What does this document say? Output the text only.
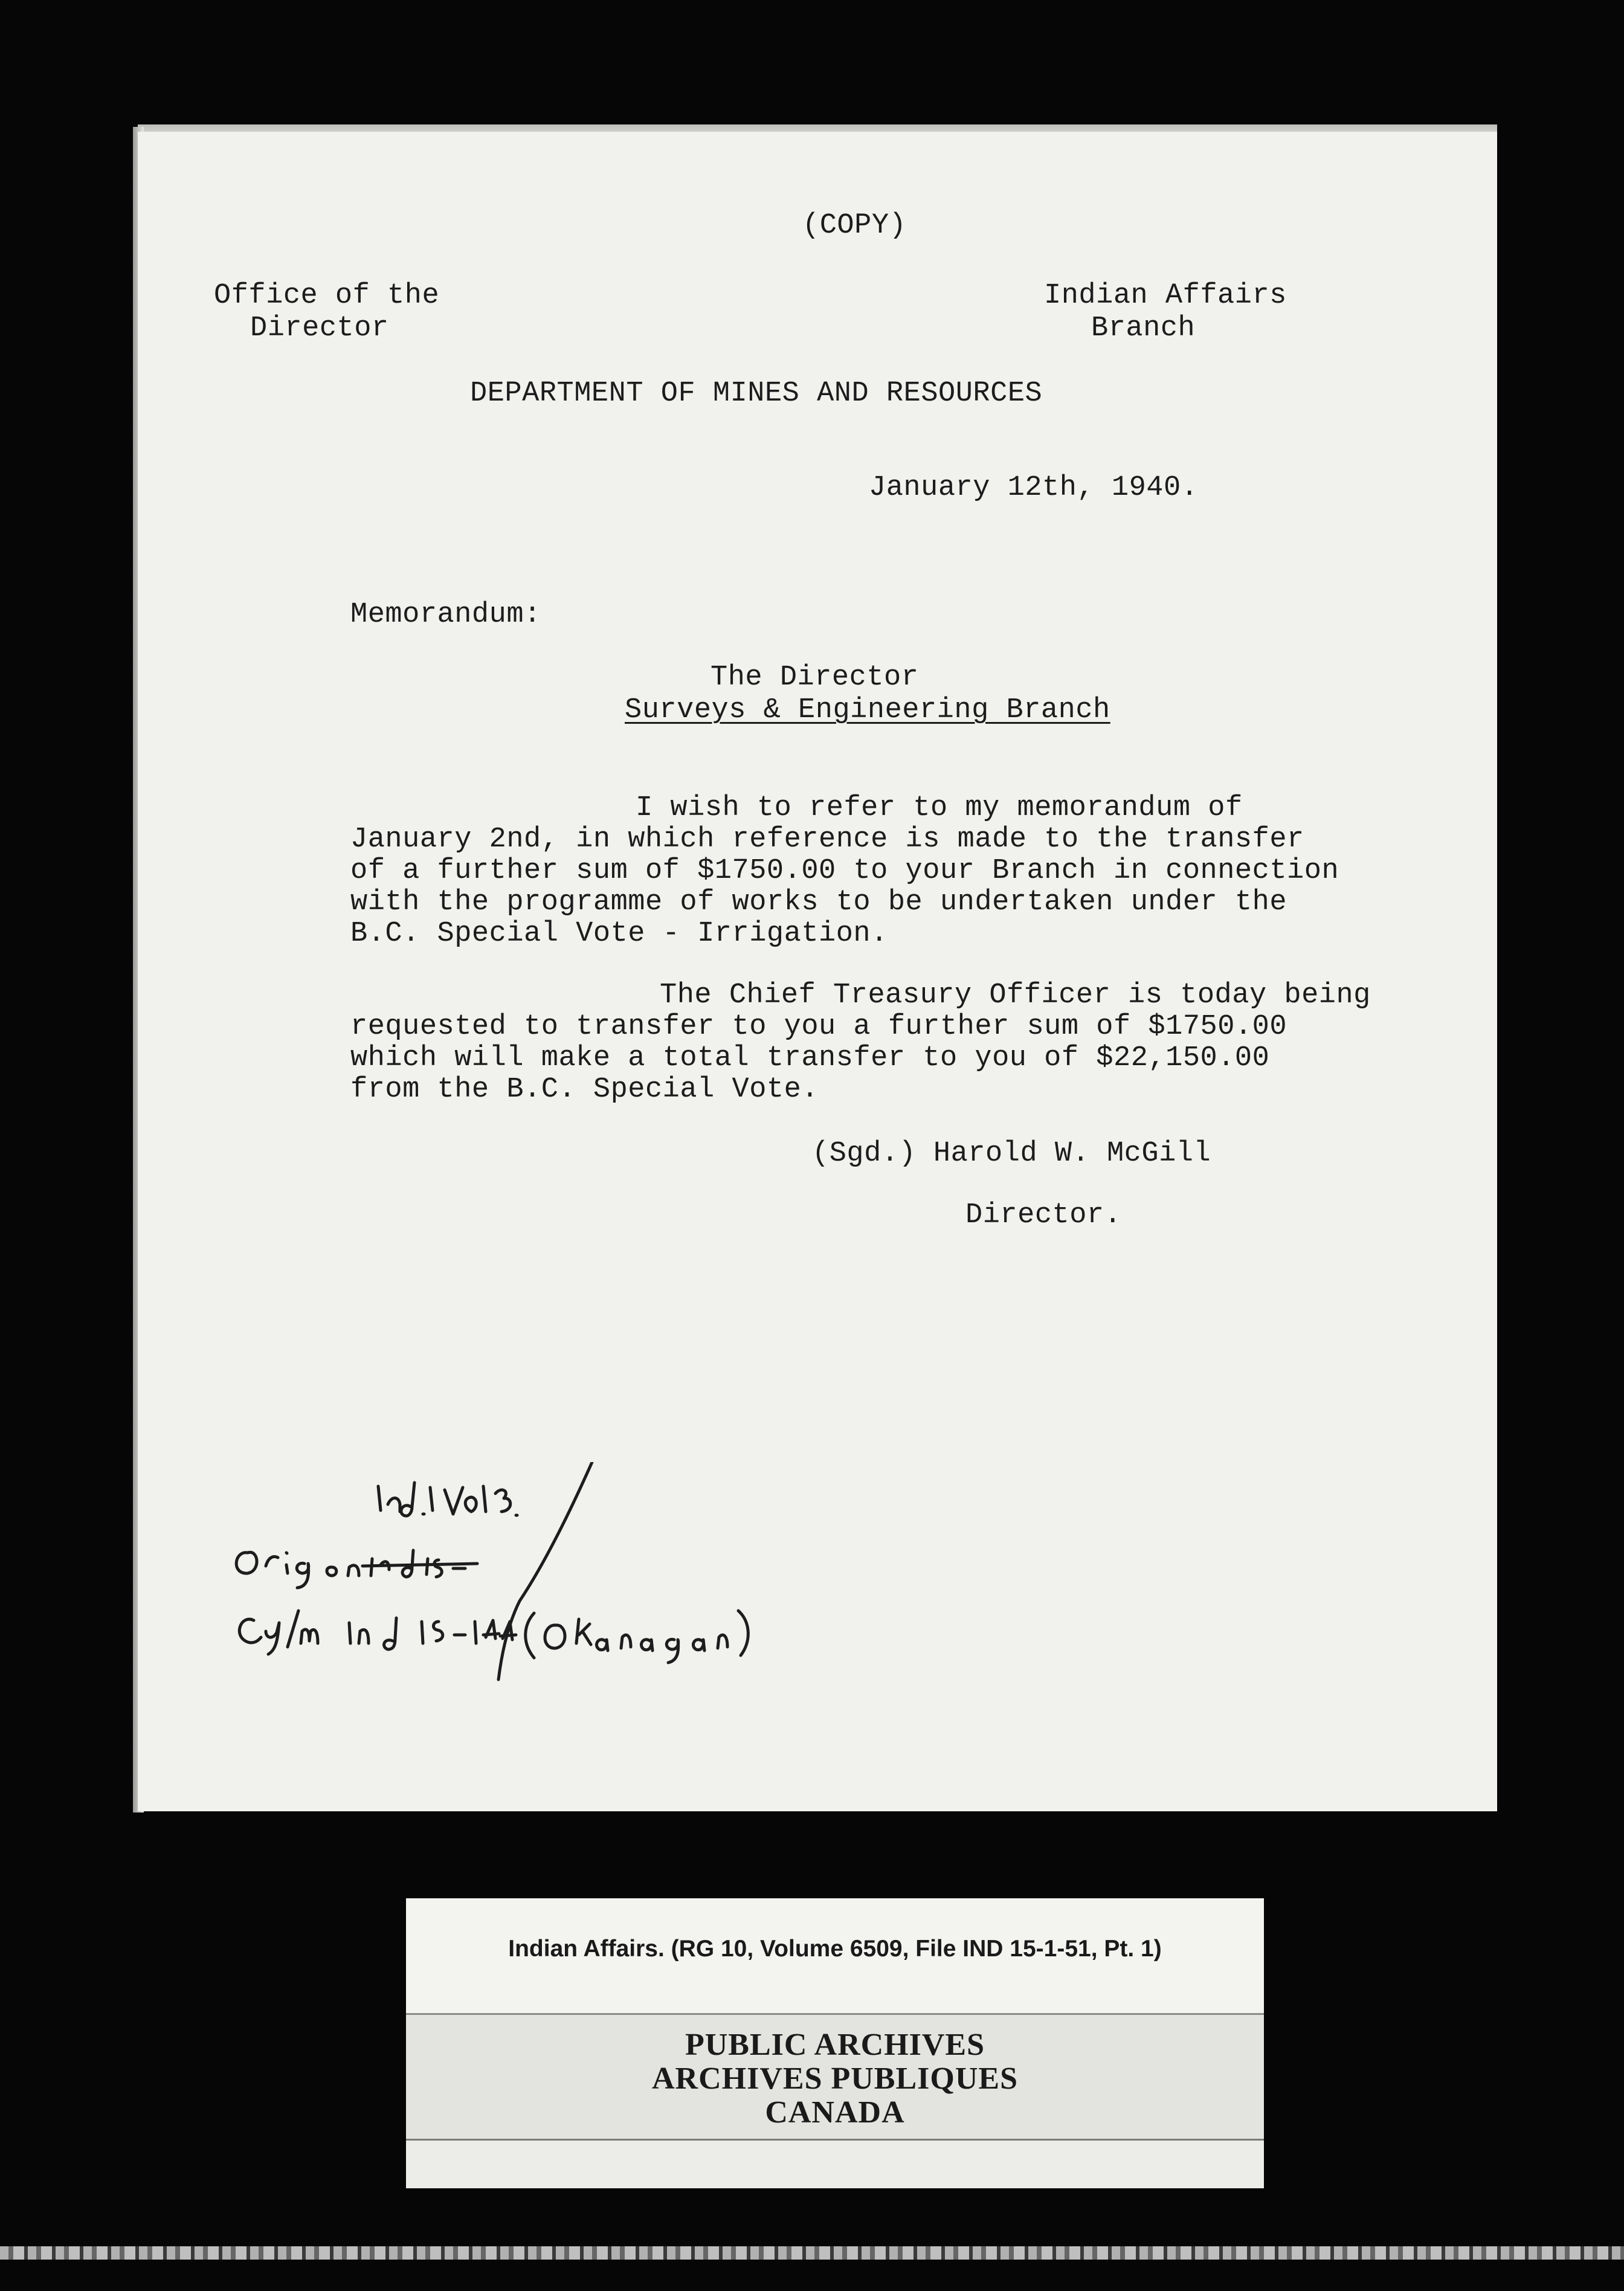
(COPY)
Office of the
Director
Indian Affairs
Branch
DEPARTMENT OF MINES AND RESOURCES
January 12th, 1940.
Memorandum:
The Director
Surveys & Engineering Branch
I wish to refer to my memorandum of
January 2nd, in which reference is made to the transfer
of a further sum of $1750.00 to your Branch in connection
with the programme of works to be undertaken under the
B.C. Special Vote - Irrigation.
The Chief Treasury Officer is today being
requested to transfer to you a further sum of $1750.00
which will make a total transfer to you of $22,150.00
from the B.C. Special Vote.
(Sgd.) Harold W. McGill
Director.
Indian Affairs. (RG 10, Volume 6509, File IND 15-1-51, Pt. 1)
PUBLIC ARCHIVES
ARCHIVES PUBLIQUES
CANADA
